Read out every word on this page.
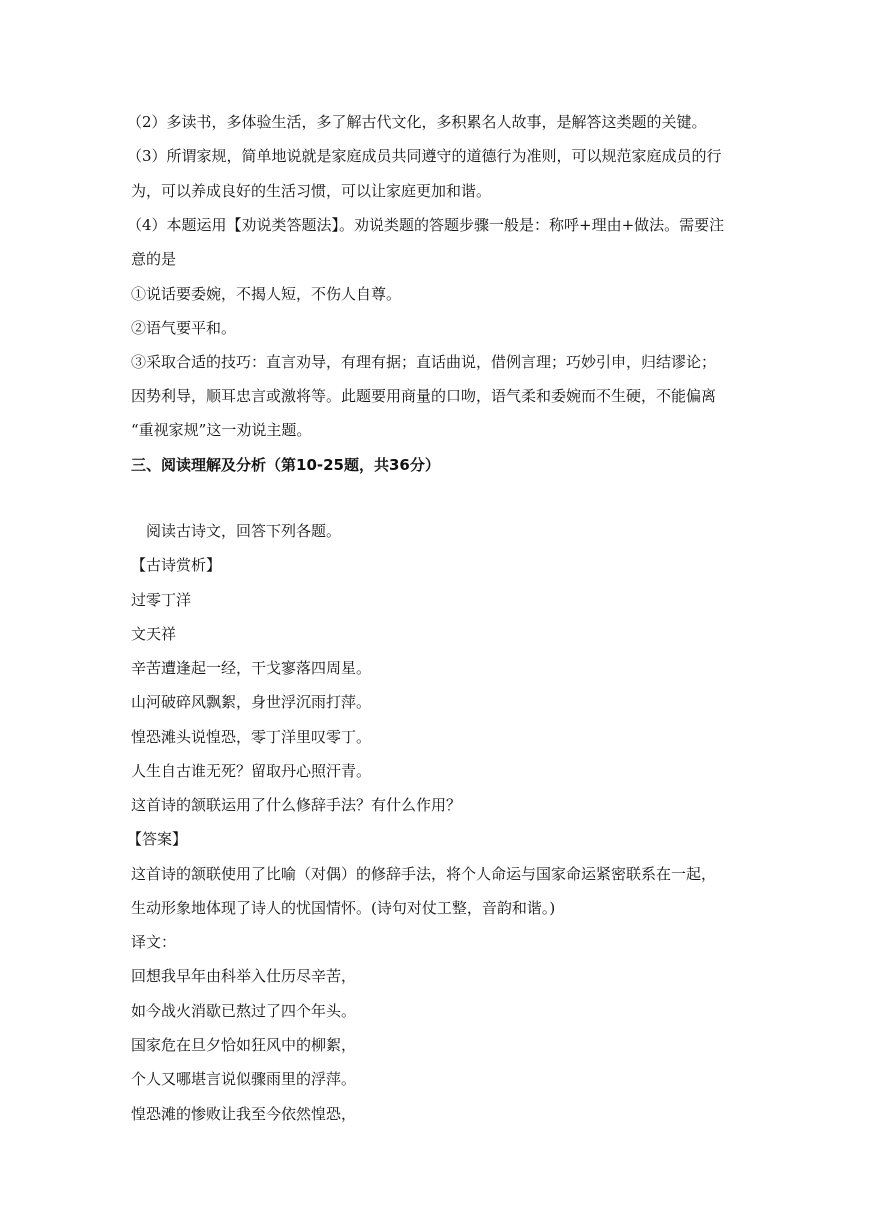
（2）多读书，多体验生活，多了解古代文化，多积累名人故事，是解答这类题的关键。
（3）所谓家规，简单地说就是家庭成员共同遵守的道德行为准则，可以规范家庭成员的行
为，可以养成良好的生活习惯，可以让家庭更加和谐。
（4）本题运用【劝说类答题法】。劝说类题的答题步骤一般是：称呼+理由+做法。需要注
意的是
①说话要委婉，不揭人短，不伤人自尊。
②语气要平和。
③采取合适的技巧：直言劝导，有理有据；直话曲说，借例言理；巧妙引申，归结谬论；
因势利导，顺耳忠言或激将等。此题要用商量的口吻，语气柔和委婉而不生硬，不能偏离
“重视家规”这一劝说主题。
三、阅读理解及分析（第10-25题，共36分）
阅读古诗文，回答下列各题。
【古诗赏析】
过零丁洋
文天祥
辛苦遭逢起一经，干戈寥落四周星。
山河破碎风飘絮，身世浮沉雨打萍。
惶恐滩头说惶恐，零丁洋里叹零丁。
人生自古谁无死？留取丹心照汗青。
这首诗的颔联运用了什么修辞手法？有什么作用？
【答案】
这首诗的颔联使用了比喻（对偶）的修辞手法，将个人命运与国家命运紧密联系在一起，
生动形象地体现了诗人的忧国情怀。(诗句对仗工整，音韵和谐。)
译文：
回想我早年由科举入仕历尽辛苦，
如今战火消歇已熬过了四个年头。
国家危在旦夕恰如狂风中的柳絮，
个人又哪堪言说似骤雨里的浮萍。
惶恐滩的惨败让我至今依然惶恐，
